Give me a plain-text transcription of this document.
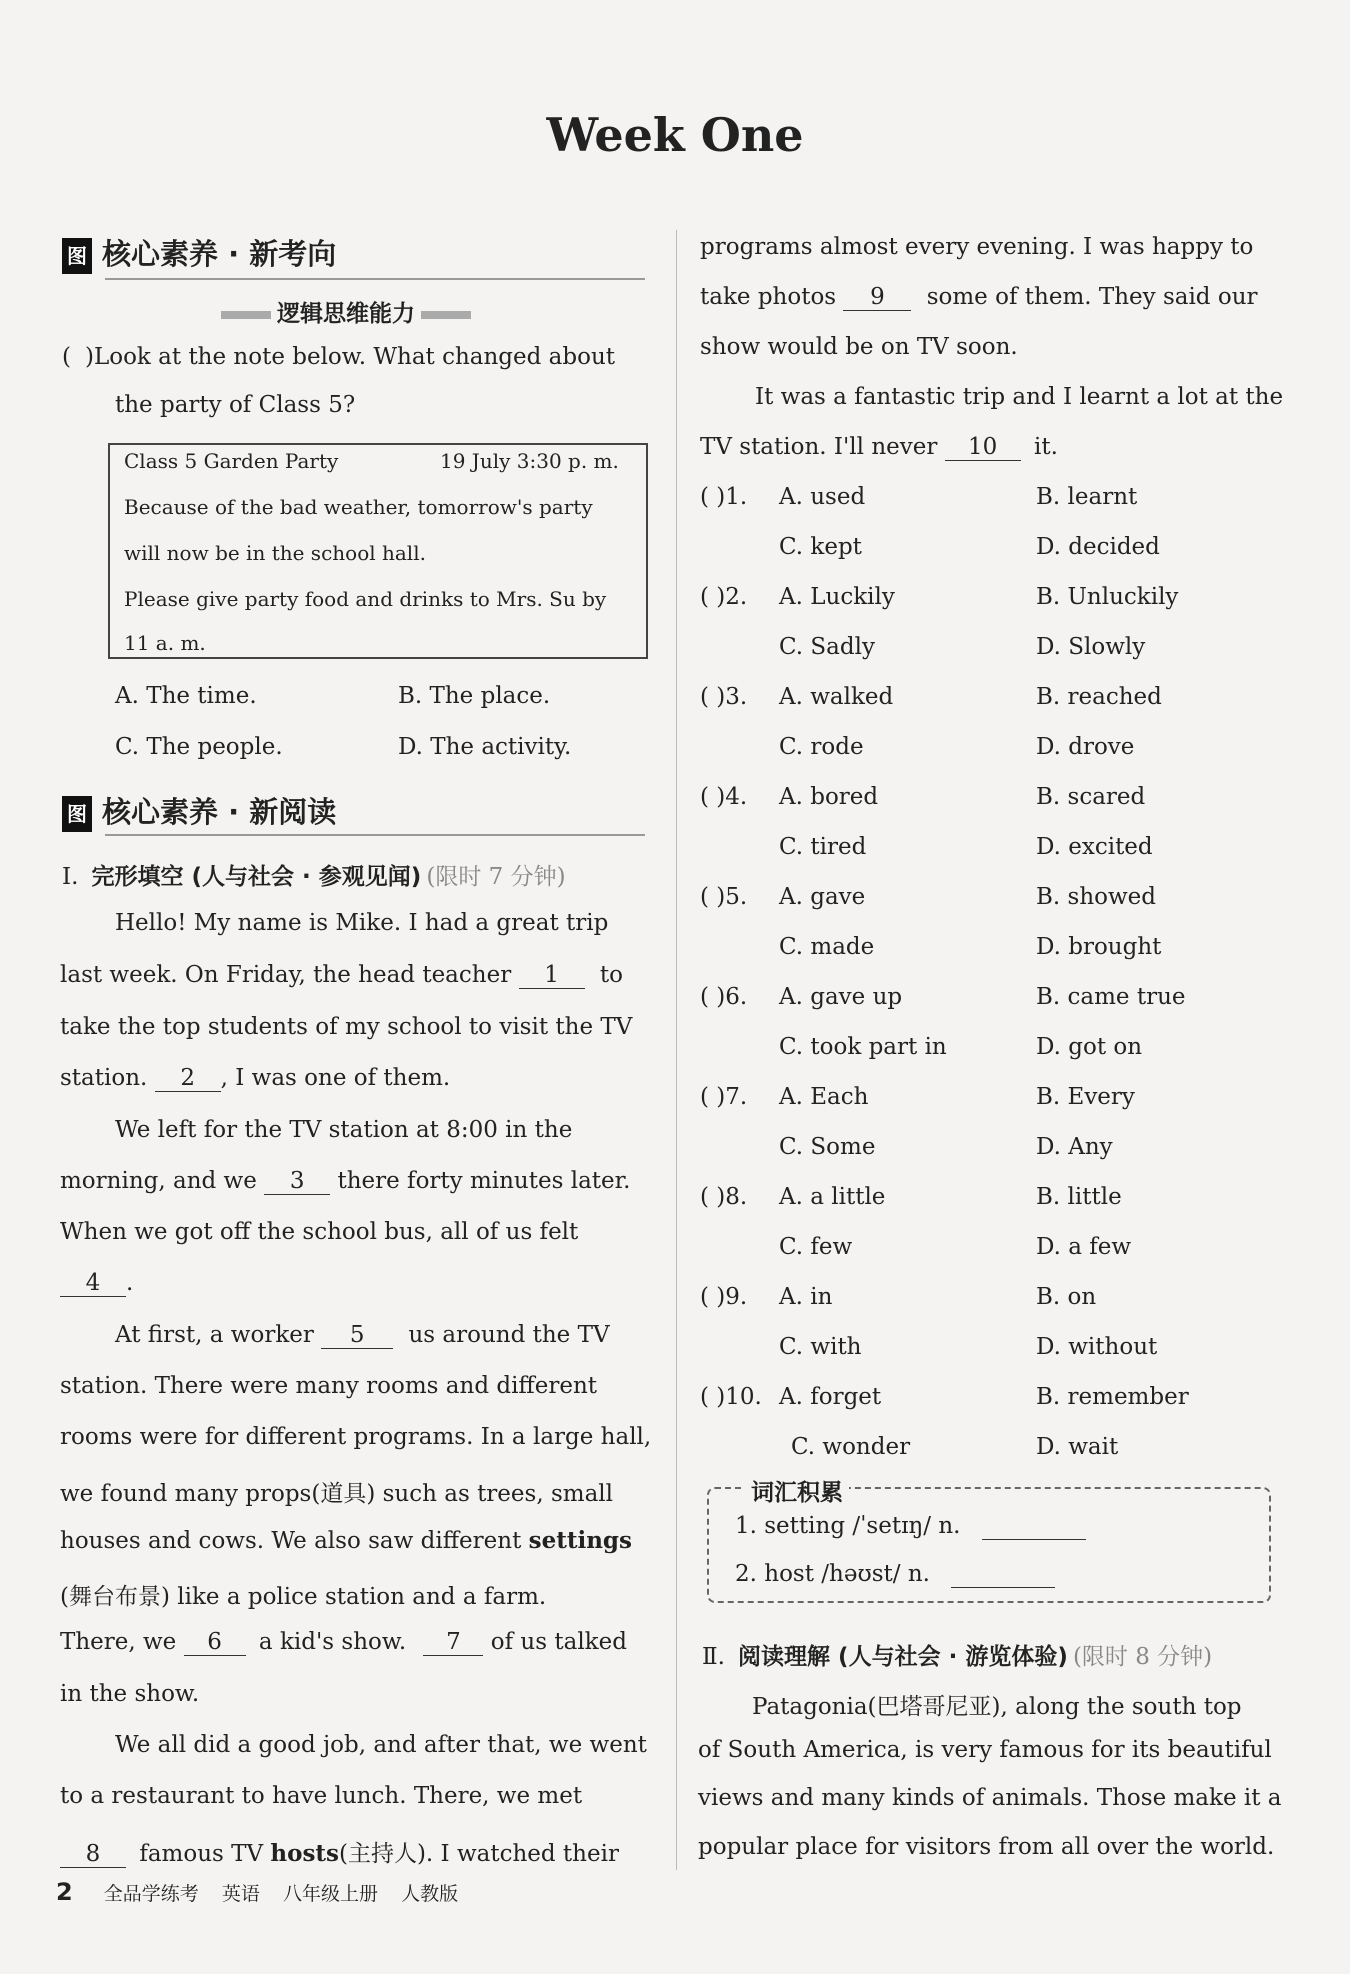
Week One
图 核心素养 · 新考向
逻辑思维能力
( )Look at the note below. What changed about
the party of Class 5?
Class 5 Garden Party	19 July 3:30 p. m.
Because of the bad weather, tomorrow's party
will now be in the school hall.
Please give party food and drinks to Mrs. Su by
11 a. m.
A. The time.	B. The place.
C. The people.	D. The activity.
图 核心素养 · 新阅读
Ⅰ. 完形填空 (人与社会 · 参观见闻) (限时 7 分钟)
Hello! My name is Mike. I had a great trip
last week. On Friday, the head teacher 1 to
take the top students of my school to visit the TV
station. 2 , I was one of them.
We left for the TV station at 8:00 in the
morning, and we 3 there forty minutes later.
When we got off the school bus, all of us felt
4 .
At first, a worker 5 us around the TV
station. There were many rooms and different
rooms were for different programs. In a large hall,
we found many props(道具) such as trees, small
houses and cows. We also saw different settings
(舞台布景) like a police station and a farm.
There, we 6 a kid's show. 7 of us talked
in the show.
We all did a good job, and after that, we went
to a restaurant to have lunch. There, we met
8 famous TV hosts(主持人). I watched their
programs almost every evening. I was happy to
take photos 9 some of them. They said our
show would be on TV soon.
It was a fantastic trip and I learnt a lot at the
TV station. I'll never 10 it.
( )1. A. used	B. learnt
C. kept	D. decided
( )2. A. Luckily	B. Unluckily
C. Sadly	D. Slowly
( )3. A. walked	B. reached
C. rode	D. drove
( )4. A. bored	B. scared
C. tired	D. excited
( )5. A. gave	B. showed
C. made	D. brought
( )6. A. gave up	B. came true
C. took part in	D. got on
( )7. A. Each	B. Every
C. Some	D. Any
( )8. A. a little	B. little
C. few	D. a few
( )9. A. in	B. on
C. with	D. without
( )10. A. forget	B. remember
C. wonder	D. wait
词汇积累
1. setting /ˈsetɪŋ/ n.
2. host /həʊst/ n.
Ⅱ. 阅读理解 (人与社会 · 游览体验) (限时 8 分钟)
Patagonia(巴塔哥尼亚), along the south top
of South America, is very famous for its beautiful
views and many kinds of animals. Those make it a
popular place for visitors from all over the world.
2 全品学练考 英语 八年级上册 人教版
